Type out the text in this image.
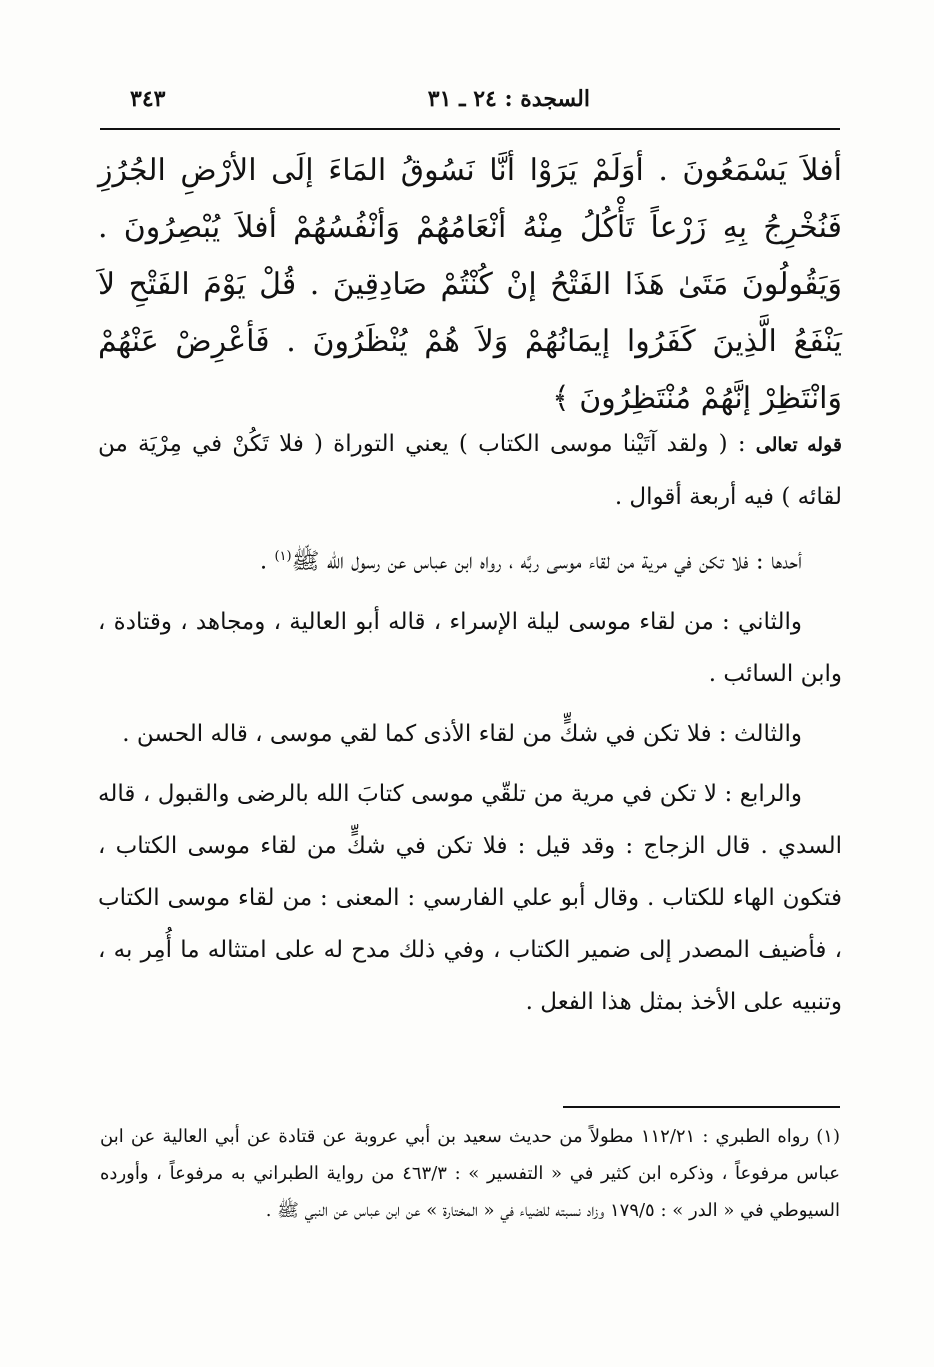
السجدة : ٢٤ ـ ٣١
٣٤٣

أفلاَ يَسْمَعُونَ . أوَلَمْ يَرَوْا أنَّا نَسُوقُ المَاءَ إلَى الأرْضِ الجُرُزِ فَنُخْرِجُ بِهِ زَرْعاً تَأْكُلُ مِنْهُ أنْعَامُهُمْ وَأنْفُسُهُمْ أفلاَ يُبْصِرُونَ . وَيَقُولُونَ مَتَىٰ هَذَا الفَتْحُ إنْ كُنْتُمْ صَادِقِينَ . قُلْ يَوْمَ الفَتْحِ لاَ يَنْفَعُ الَّذِينَ كَفَرُوا إيمَانُهُمْ وَلاَ هُمْ يُنْظَرُونَ . فَأعْرِضْ عَنْهُمْ وَانْتَظِرْ إنَّهُمْ مُنْتَظِرُونَ ﴾

قوله تعالى : ( ولقد آتَيْنا موسى الكتاب ) يعني التوراة ( فلا تَكُنْ في مِرْيَة من لقائه ) فيه أربعة أقوال .

أحدها : فلا تكن في مرية من لقاء موسى ربَّه ، رواه ابن عباس عن رسول الله ﷺ$^{(١)}$ .

والثاني : من لقاء موسى ليلة الإسراء ، قاله أبو العالية ، ومجاهد ، وقتادة ، وابن السائب .

والثالث : فلا تكن في شكٍّ من لقاء الأذى كما لقي موسى ، قاله الحسن .

والرابع : لا تكن في مرية من تلقّي موسى كتابَ الله بالرضى والقبول ، قاله السدي . قال الزجاج : وقد قيل : فلا تكن في شكٍّ من لقاء موسى الكتاب ، فتكون الهاء للكتاب . وقال أبو علي الفارسي : المعنى : من لقاء موسى الكتاب ، فأضيف المصدر إلى ضمير الكتاب ، وفي ذلك مدح له على امتثاله ما أُمِر به ، وتنبيه على الأخذ بمثل هذا الفعل .

(١) رواه الطبري : ١١٢/٢١ مطولاً من حديث سعيد بن أبي عروبة عن قتادة عن أبي العالية عن ابن عباس مرفوعاً ، وذكره ابن كثير في « التفسير » : ٤٦٣/٣ من رواية الطبراني به مرفوعاً ، وأورده السيوطي في « الدر » : ١٧٩/٥ وزاد نسبته للضياء في « المختارة » عن ابن عباس عن النبي ﷺ .
